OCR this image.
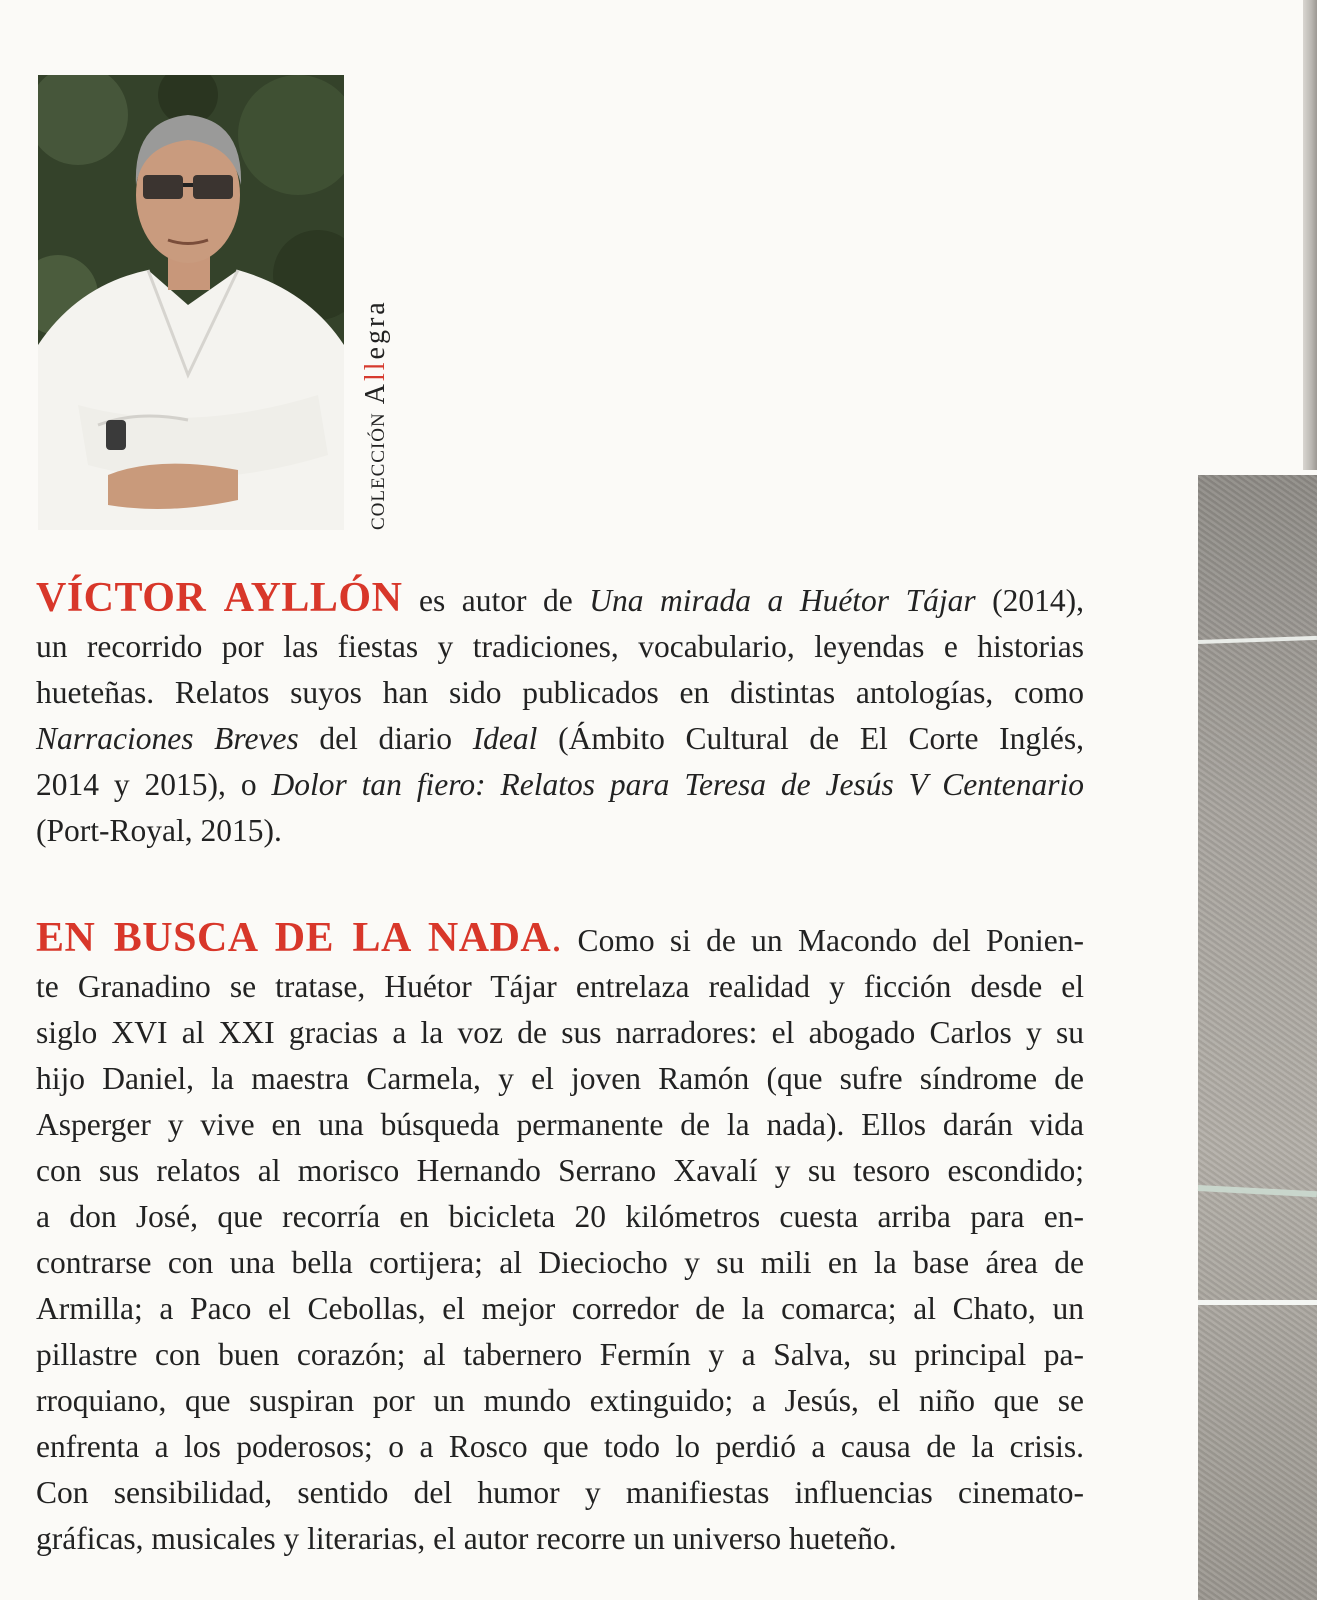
COLECCIÓN
Allegra

VÍCTOR AYLLÓN es autor de Una mirada a Huétor Tájar (2014),
un recorrido por las fiestas y tradiciones, vocabulario, leyendas e historias
hueteñas. Relatos suyos han sido publicados en distintas antologías, como
Narraciones Breves del diario Ideal (Ámbito Cultural de El Corte Inglés,
2014 y 2015), o Dolor tan fiero: Relatos para Teresa de Jesús V Centenario
(Port-Royal, 2015).

EN BUSCA DE LA NADA. Como si de un Macondo del Ponien-
te Granadino se tratase, Huétor Tájar entrelaza realidad y ficción desde el
siglo XVI al XXI gracias a la voz de sus narradores: el abogado Carlos y su
hijo Daniel, la maestra Carmela, y el joven Ramón (que sufre síndrome de
Asperger y vive en una búsqueda permanente de la nada). Ellos darán vida
con sus relatos al morisco Hernando Serrano Xavalí y su tesoro escondido;
a don José, que recorría en bicicleta 20 kilómetros cuesta arriba para en-
contrarse con una bella cortijera; al Dieciocho y su mili en la base área de
Armilla; a Paco el Cebollas, el mejor corredor de la comarca; al Chato, un
pillastre con buen corazón; al tabernero Fermín y a Salva, su principal pa-
rroquiano, que suspiran por un mundo extinguido; a Jesús, el niño que se
enfrenta a los poderosos; o a Rosco que todo lo perdió a causa de la crisis.
Con sensibilidad, sentido del humor y manifiestas influencias cinemato-
gráficas, musicales y literarias, el autor recorre un universo hueteño.
